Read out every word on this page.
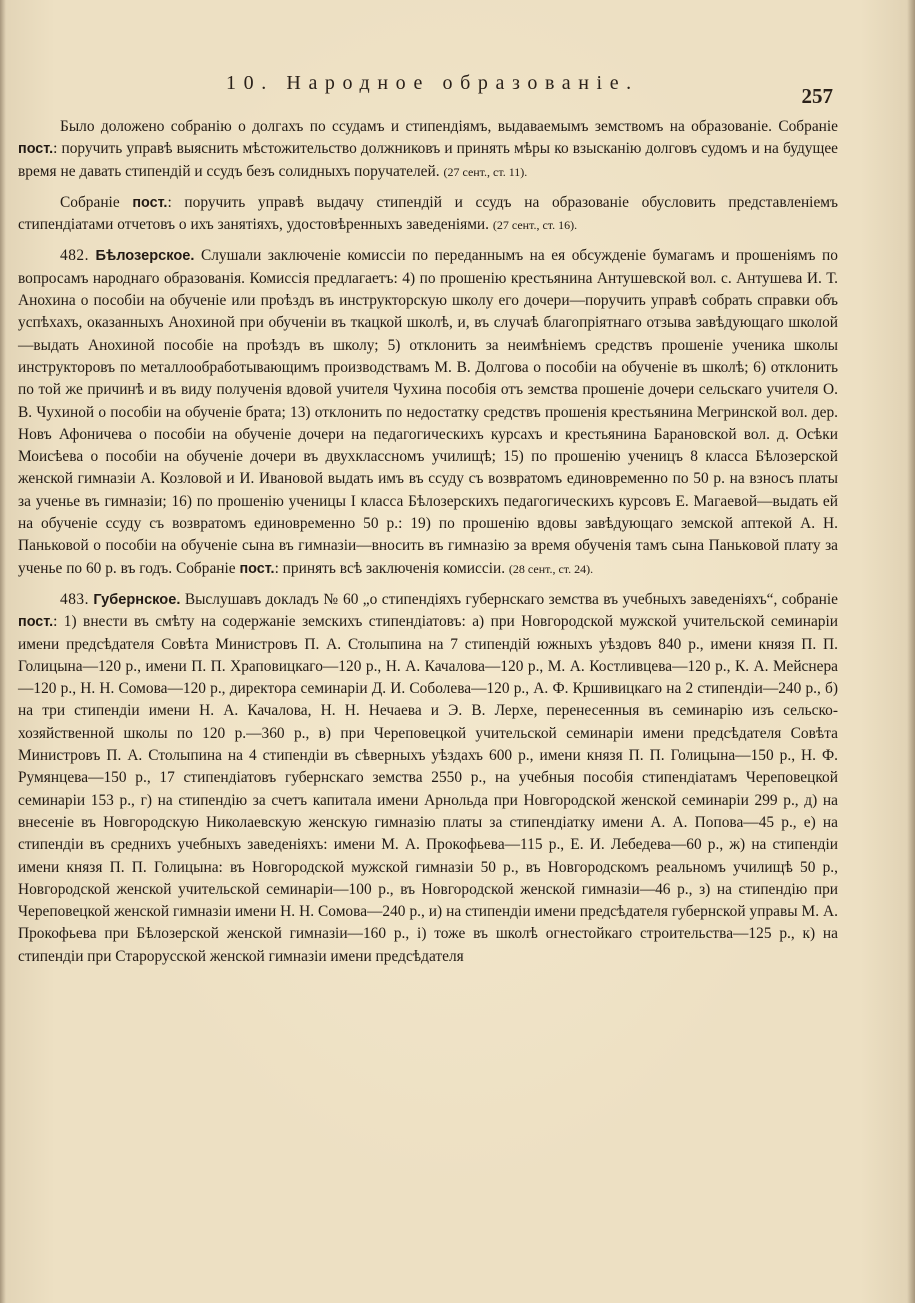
10. Народное образованіе.
257

Было доложено собранію о долгахъ по ссудамъ и стипендіямъ, выдаваемымъ земствомъ на образованіе. Собраніе пост.: поручить управѣ выяснить мѣстожительство должниковъ и принять мѣры ко взысканію долговъ судомъ и на будущее время не давать стипендій и ссудъ безъ солидныхъ поручателей. (27 сент., ст. 11).

Собраніе пост.: поручить управѣ выдачу стипендій и ссудъ на образованіе обусловить представленіемъ стипендіатами отчетовъ о ихъ занятіяхъ, удостовѣренныхъ заведеніями. (27 сент., ст. 16).

482. Бѣлозерское. Слушали заключеніе комиссіи по переданнымъ на ея обсужденіе бумагамъ и прошеніямъ по вопросамъ народнаго образованія. Комиссія предлагаетъ: 4) по прошенію крестьянина Антушевской вол. с. Антушева И. Т. Анохина о пособіи на обученіе или проѣздъ въ инструкторскую школу его дочери—поручить управѣ собрать справки объ успѣхахъ, оказанныхъ Анохиной при обученіи въ ткацкой школѣ, и, въ случаѣ благопріятнаго отзыва завѣдующаго школой—выдать Анохиной пособіе на проѣздъ въ школу; 5) отклонить за неимѣніемъ средствъ прошеніе ученика школы инструкторовъ по металлообработывающимъ производствамъ М. В. Долгова о пособіи на обученіе въ школѣ; 6) отклонить по той же причинѣ и въ виду полученія вдовой учителя Чухина пособія отъ земства прошеніе дочери сельскаго учителя О. В. Чухиной о пособіи на обученіе брата; 13) отклонить по недостатку средствъ прошенія крестьянина Мегринской вол. дер. Новъ Афоничева о пособіи на обученіе дочери на педагогическихъ курсахъ и крестьянина Барановской вол. д. Осѣки Моисѣева о пособіи на обученіе дочери въ двухклассномъ училищѣ; 15) по прошенію ученицъ 8 класса Бѣлозерской женской гимназіи А. Козловой и И. Ивановой выдать имъ въ ссуду съ возвратомъ единовременно по 50 р. на взносъ платы за ученье въ гимназіи; 16) по прошенію ученицы I класса Бѣлозерскихъ педагогическихъ курсовъ Е. Магаевой—выдать ей на обученіе ссуду съ возвратомъ единовременно 50 р.: 19) по прошенію вдовы завѣдующаго земской аптекой А. Н. Паньковой о пособіи на обученіе сына въ гимназіи—вносить въ гимназію за время обученія тамъ сына Паньковой плату за ученье по 60 р. въ годъ. Собраніе пост.: принять всѣ заключенія комиссіи. (28 сент., ст. 24).

483. Губернское. Выслушавъ докладъ № 60 „о стипендіяхъ губернскаго земства въ учебныхъ заведеніяхъ“, собраніе пост.: 1) внести въ смѣту на содержаніе земскихъ стипендіатовъ: а) при Новгородской мужской учительской семинаріи имени предсѣдателя Совѣта Министровъ П. А. Столыпина на 7 стипендій южныхъ уѣздовъ 840 р., имени князя П. П. Голицына—120 р., имени П. П. Храповицкаго—120 р., Н. А. Качалова—120 р., М. А. Костливцева—120 р., К. А. Мейснера—120 р., Н. Н. Сомова—120 р., директора семинаріи Д. И. Соболева—120 р., А. Ф. Кршивицкаго на 2 стипендіи—240 р., б) на три стипендіи имени Н. А. Качалова, Н. Н. Нечаева и Э. В. Лерхе, перенесенныя въ семинарію изъ сельско-хозяйственной школы по 120 р.—360 р., в) при Череповецкой учительской семинаріи имени предсѣдателя Совѣта Министровъ П. А. Столыпина на 4 стипендіи въ сѣверныхъ уѣздахъ 600 р., имени князя П. П. Голицына—150 р., Н. Ф. Румянцева—150 р., 17 стипендіатовъ губернскаго земства 2550 р., на учебныя пособія стипендіатамъ Череповецкой семинаріи 153 р., г) на стипендію за счетъ капитала имени Арнольда при Новгородской женской семинаріи 299 р., д) на внесеніе въ Новгородскую Николаевскую женскую гимназію платы за стипендіатку имени А. А. Попова—45 р., е) на стипендіи въ среднихъ учебныхъ заведеніяхъ: имени М. А. Прокофьева—115 р., Е. И. Лебедева—60 р., ж) на стипендіи имени князя П. П. Голицына: въ Новгородской мужской гимназіи 50 р., въ Новгородскомъ реальномъ училищѣ 50 р., Новгородской женской учительской семинаріи—100 р., въ Новгородской женской гимназіи—46 р., з) на стипендію при Череповецкой женской гимназіи имени Н. Н. Сомова—240 р., и) на стипендіи имени предсѣдателя губернской управы М. А. Прокофьева при Бѣлозерской женской гимназіи—160 р., і) тоже въ школѣ огнестойкаго строительства—125 р., к) на стипендіи при Старорусской женской гимназіи имени предсѣдателя
